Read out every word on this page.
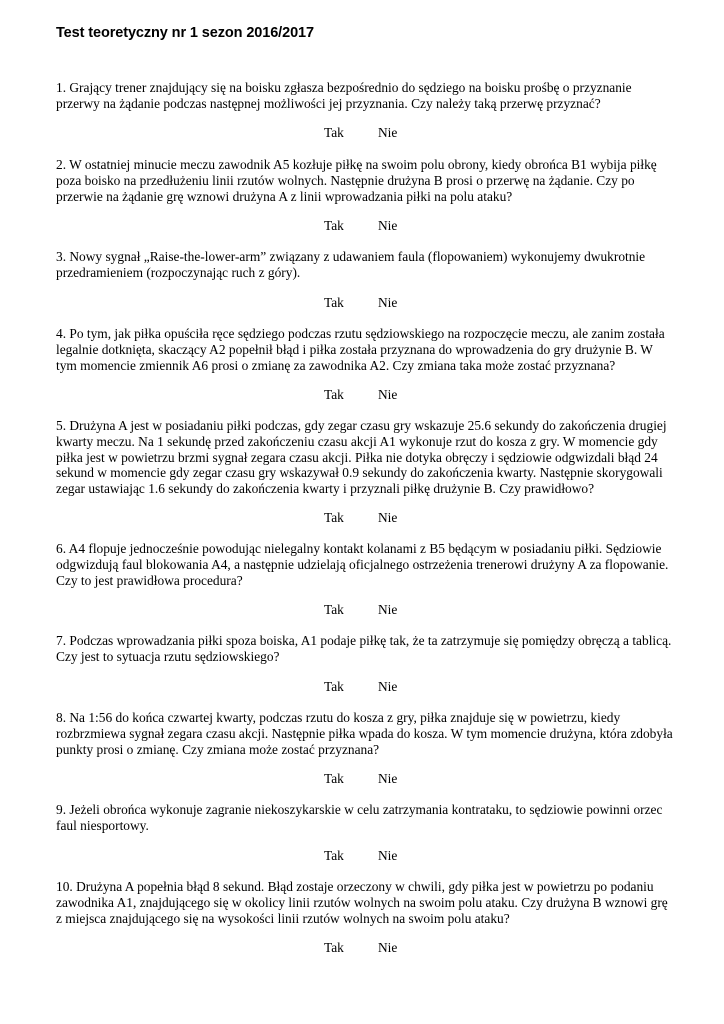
Test teoretyczny nr 1 sezon 2016/2017
1. Grający trener znajdujący się na boisku zgłasza bezpośrednio do sędziego na boisku prośbę o przyznanie przerwy na żądanie podczas następnej możliwości jej przyznania. Czy należy taką przerwę przyznać?
Tak	Nie
2. W ostatniej minucie meczu zawodnik A5 kozłuje piłkę na swoim polu obrony, kiedy obrońca B1 wybija piłkę poza boisko na przedłużeniu linii rzutów wolnych. Następnie drużyna B prosi o przerwę na żądanie. Czy po przerwie na żądanie grę wznowi drużyna A z linii wprowadzania piłki na polu ataku?
Tak	Nie
3. Nowy sygnał „Raise-the-lower-arm” związany z udawaniem faula (flopowaniem) wykonujemy dwukrotnie przedramieniem (rozpoczynając ruch z góry).
Tak	Nie
4. Po tym, jak piłka opuściła ręce sędziego podczas rzutu sędziowskiego na rozpoczęcie meczu, ale zanim została legalnie dotknięta, skaczący A2 popełnił błąd i piłka została przyznana do wprowadzenia do gry drużynie B. W tym momencie zmiennik A6 prosi o zmianę za zawodnika A2. Czy zmiana taka może zostać przyznana?
Tak	Nie
5. Drużyna A jest w posiadaniu piłki podczas, gdy zegar czasu gry wskazuje 25.6 sekundy do zakończenia drugiej kwarty meczu. Na 1 sekundę przed zakończeniu czasu akcji A1 wykonuje rzut do kosza z gry. W momencie gdy piłka jest w powietrzu brzmi sygnał zegara czasu akcji. Piłka nie dotyka obręczy i sędziowie odgwizdali błąd 24 sekund w momencie gdy zegar czasu gry wskazywał 0.9 sekundy do zakończenia kwarty. Następnie skorygowali zegar ustawiając 1.6 sekundy do zakończenia kwarty i przyznali piłkę drużynie B. Czy prawidłowo?
Tak	Nie
6. A4 flopuje jednocześnie powodując nielegalny kontakt kolanami z B5 będącym w posiadaniu piłki. Sędziowie odgwizdują faul blokowania A4, a następnie udzielają oficjalnego ostrzeżenia trenerowi drużyny A za flopowanie. Czy to jest prawidłowa procedura?
Tak	Nie
7. Podczas wprowadzania piłki spoza boiska, A1 podaje piłkę tak, że ta zatrzymuje się pomiędzy obręczą a tablicą. Czy jest to sytuacja rzutu sędziowskiego?
Tak	Nie
8. Na 1:56 do końca czwartej kwarty, podczas rzutu do kosza z gry, piłka znajduje się w powietrzu, kiedy rozbrzmiewa sygnał zegara czasu akcji. Następnie piłka wpada do kosza. W tym momencie drużyna, która zdobyła punkty prosi o zmianę. Czy zmiana może zostać przyznana?
Tak	Nie
9. Jeżeli obrońca wykonuje zagranie niekoszykarskie w celu zatrzymania kontrataku, to sędziowie powinni orzec faul niesportowy.
Tak	Nie
10. Drużyna A popełnia błąd 8 sekund. Błąd zostaje orzeczony w chwili, gdy piłka jest w powietrzu po podaniu zawodnika A1, znajdującego się w okolicy linii rzutów wolnych na swoim polu ataku. Czy drużyna B wznowi grę z miejsca znajdującego się na wysokości linii rzutów wolnych na swoim polu ataku?
Tak	Nie
